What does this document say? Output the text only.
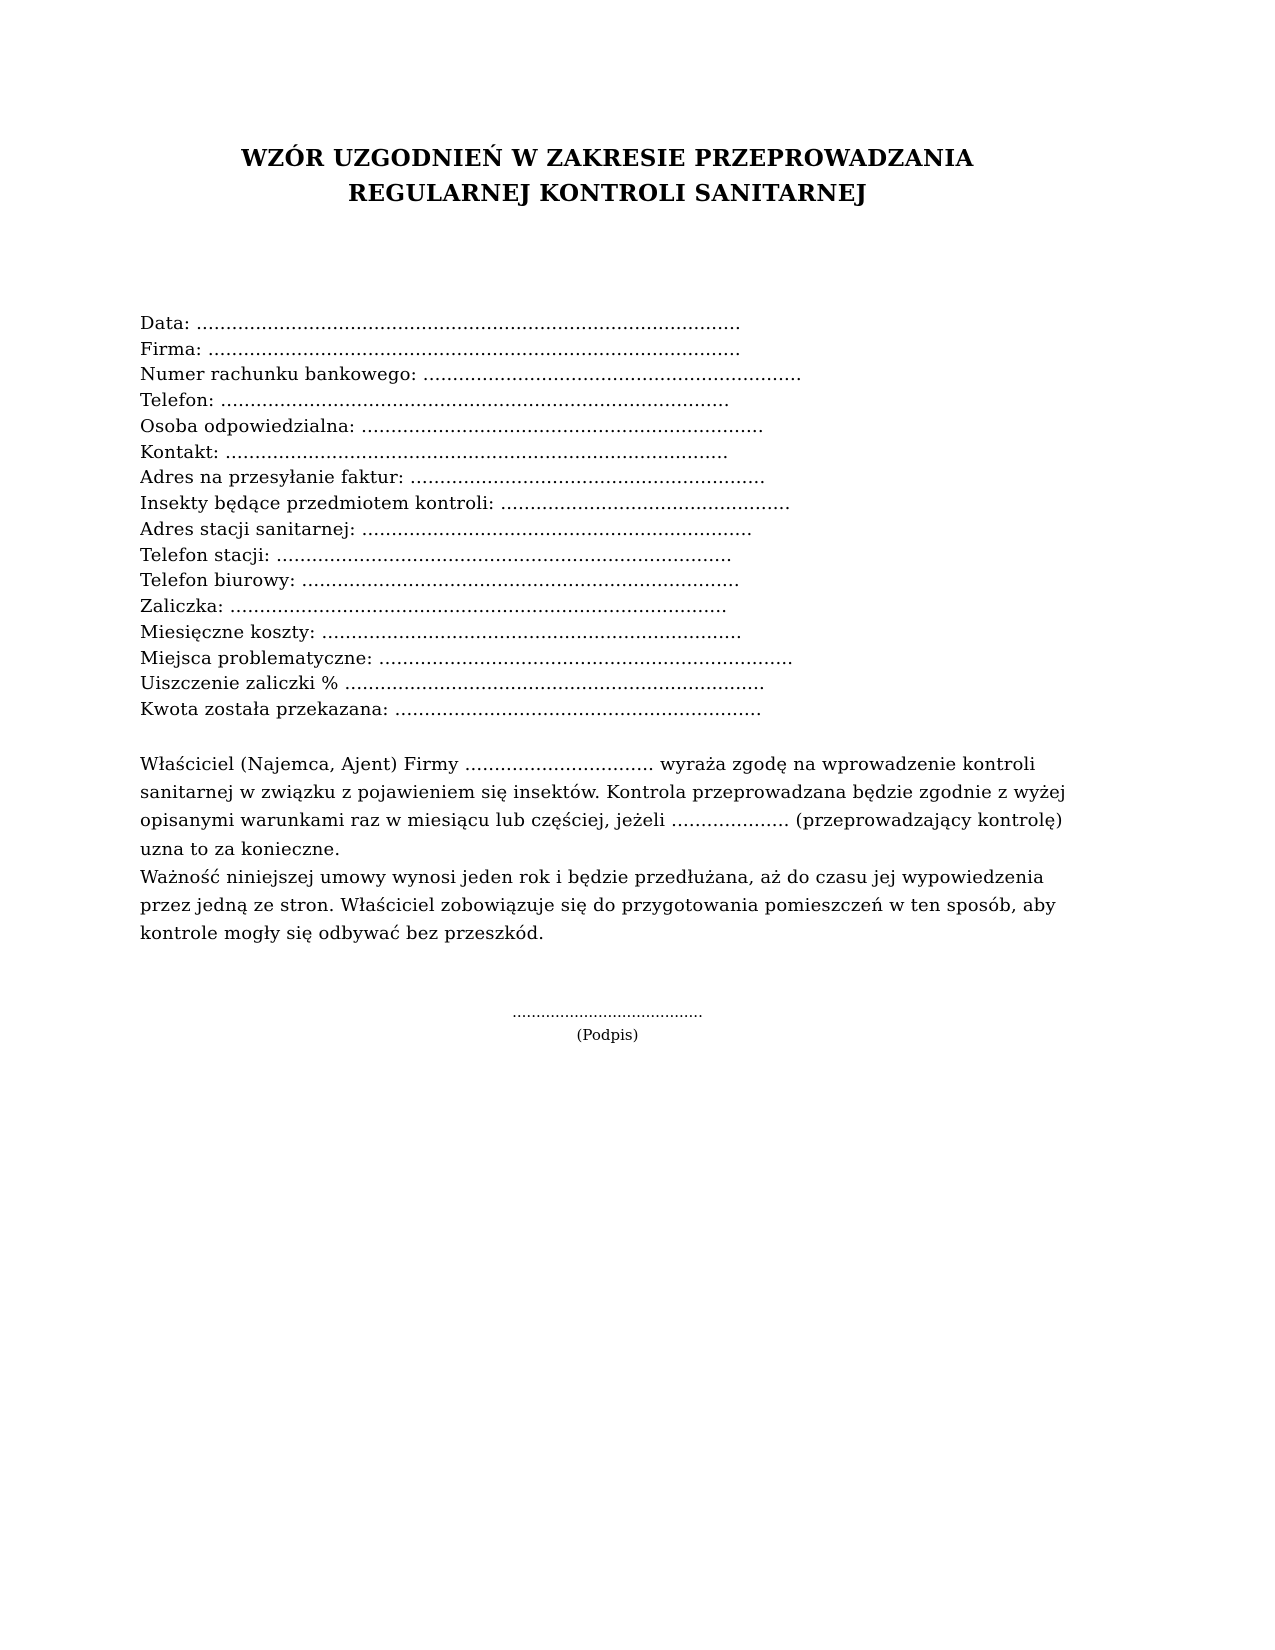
WZÓR UZGODNIEŃ W ZAKRESIE PRZEPROWADZANIA
REGULARNEJ KONTROLI SANITARNEJ
Data: ............................................................................................
Firma: ..........................................................................................
Numer rachunku bankowego: ................................................................
Telefon: ......................................................................................
Osoba odpowiedzialna: ....................................................................
Kontakt: .....................................................................................
Adres na przesyłanie faktur: ............................................................
Insekty będące przedmiotem kontroli: .................................................
Adres stacji sanitarnej: ..................................................................
Telefon stacji: .............................................................................
Telefon biurowy: ..........................................................................
Zaliczka: ....................................................................................
Miesięczne koszty: .......................................................................
Miejsca problematyczne: ......................................................................
Uiszczenie zaliczki % .......................................................................
Kwota została przekazana: ..............................................................

Właściciel (Najemca, Ajent) Firmy ................................ wyraża zgodę na wprowadzenie kontroli sanitarnej w związku z pojawieniem się insektów. Kontrola przeprowadzana będzie zgodnie z wyżej opisanymi warunkami raz w miesiącu lub częściej, jeżeli .................... (przeprowadzający kontrolę) uzna to za konieczne.

Ważność niniejszej umowy wynosi jeden rok i będzie przedłużana, aż do czasu jej wypowiedzenia przez jedną ze stron. Właściciel zobowiązuje się do przygotowania pomieszczeń w ten sposób, aby kontrole mogły się odbywać bez przeszkód.

........................................
(Podpis)
